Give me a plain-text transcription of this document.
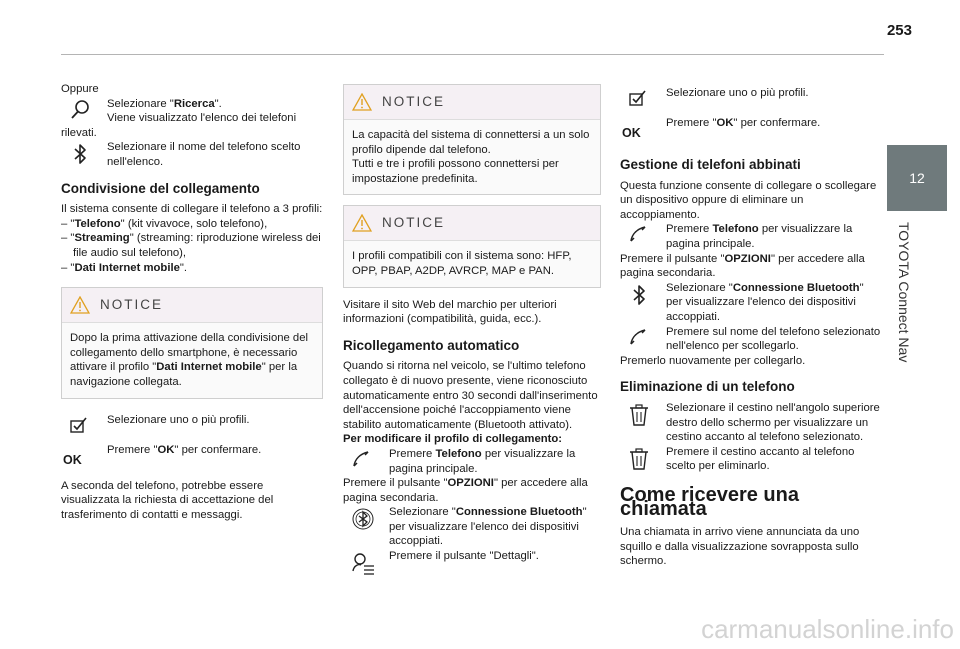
253
12
TOYOTA Connect Nav

Oppure

Selezionare "Ricerca".

Viene visualizzato l'elenco dei telefoni

rilevati.

Selezionare il nome del telefono scelto nell'elenco.

Condivisione del collegamento

Il sistema consente di collegare il telefono a 3 profili:

– "Telefono" (kit vivavoce, solo telefono),

– "Streaming" (streaming: riproduzione wireless dei file audio sul telefono),

– "Dati Internet mobile".

NOTICE

Dopo la prima attivazione della condivisione del collegamento dello smartphone, è necessario attivare il profilo "Dati Internet mobile" per la navigazione collegata.

Selezionare uno o più profili.

OK

Premere "OK" per confermare.

A seconda del telefono, potrebbe essere visualizzata la richiesta di accettazione del trasferimento di contatti e messaggi.

NOTICE

La capacità del sistema di connettersi a un solo profilo dipende dal telefono.

Tutti e tre i profili possono connettersi per impostazione predefinita.

NOTICE

I profili compatibili con il sistema sono: HFP, OPP, PBAP, A2DP, AVRCP, MAP e PAN.

Visitare il sito Web del marchio per ulteriori informazioni (compatibilità, guida, ecc.).

Ricollegamento automatico

Quando si ritorna nel veicolo, se l'ultimo telefono collegato è di nuovo presente, viene riconosciuto automaticamente entro 30 secondi dall'inserimento dell'accensione poiché l'accoppiamento viene stabilito automaticamente (Bluetooth attivato).

Per modificare il profilo di collegamento:

Premere Telefono per visualizzare la pagina principale.

Premere il pulsante "OPZIONI" per accedere alla pagina secondaria.

Selezionare "Connessione Bluetooth" per visualizzare l'elenco dei dispositivi accoppiati.

Premere il pulsante "Dettagli".

Selezionare uno o più profili.

OK

Premere "OK" per confermare.

Gestione di telefoni abbinati

Questa funzione consente di collegare o scollegare un dispositivo oppure di eliminare un accoppiamento.

Premere Telefono per visualizzare la pagina principale.

Premere il pulsante "OPZIONI" per accedere alla pagina secondaria.

Selezionare "Connessione Bluetooth" per visualizzare l'elenco dei dispositivi accoppiati.

Premere sul nome del telefono selezionato nell'elenco per scollegarlo.

Premerlo nuovamente per collegarlo.

Eliminazione di un telefono

Selezionare il cestino nell'angolo superiore destro dello schermo per visualizzare un cestino accanto al telefono selezionato.

Premere il cestino accanto al telefono scelto per eliminarlo.

Come ricevere una chiamata

Una chiamata in arrivo viene annunciata da uno squillo e dalla visualizzazione sovrapposta sullo schermo.

carmanualsonline.info
